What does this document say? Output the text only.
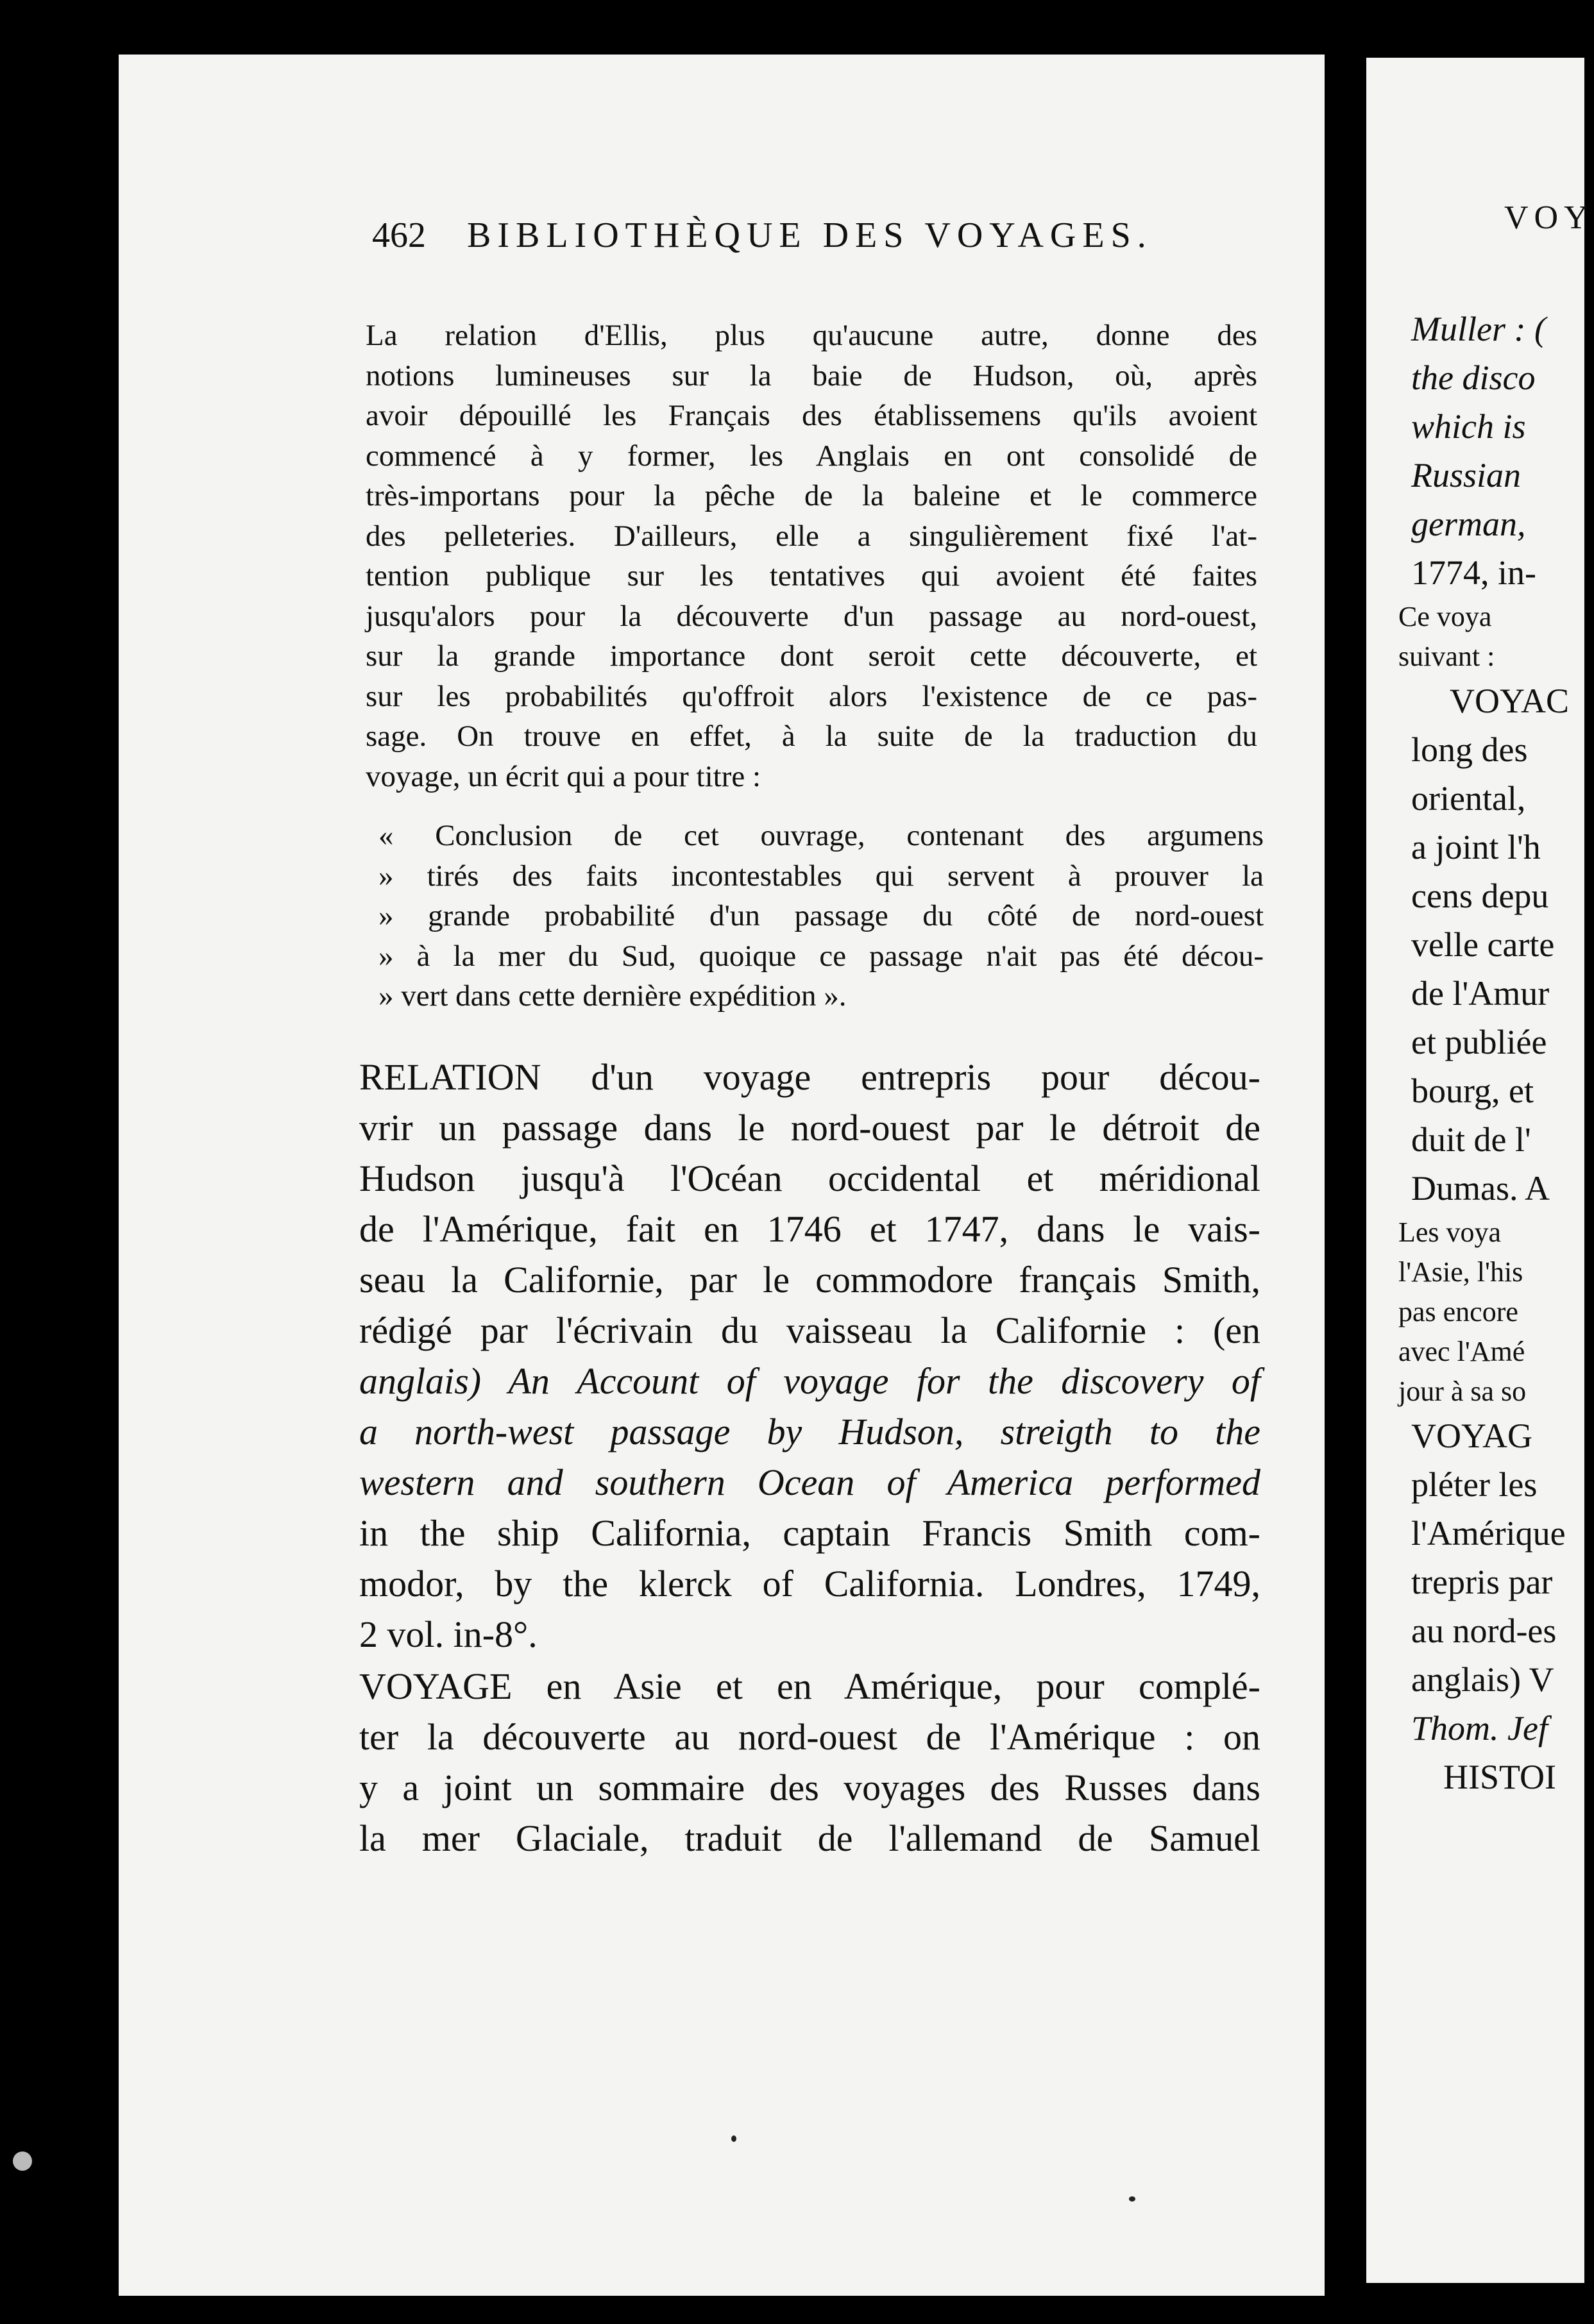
462 BIBLIOTHÈQUE DES VOYAGES.
La relation d'Ellis, plus qu'aucune autre, donne des
notions lumineuses sur la baie de Hudson, où, après
avoir dépouillé les Français des établissemens qu'ils avoient
commencé à y former, les Anglais en ont consolidé de
très-importans pour la pêche de la baleine et le commerce
des pelleteries. D'ailleurs, elle a singulièrement fixé l'at-
tention publique sur les tentatives qui avoient été faites
jusqu'alors pour la découverte d'un passage au nord-ouest,
sur la grande importance dont seroit cette découverte, et
sur les probabilités qu'offroit alors l'existence de ce pas-
sage. On trouve en effet, à la suite de la traduction du
voyage, un écrit qui a pour titre :
« Conclusion de cet ouvrage, contenant des argumens
» tirés des faits incontestables qui servent à prouver la
» grande probabilité d'un passage du côté de nord-ouest
» à la mer du Sud, quoique ce passage n'ait pas été décou-
» vert dans cette dernière expédition ».
RELATION d'un voyage entrepris pour décou-
vrir un passage dans le nord-ouest par le détroit de
Hudson jusqu'à l'Océan occidental et méridional
de l'Amérique, fait en 1746 et 1747, dans le vais-
seau la Californie, par le commodore français Smith,
rédigé par l'écrivain du vaisseau la Californie : (en
anglais) An Account of voyage for the discovery of
a north-west passage by Hudson, streigth to the
western and southern Ocean of America performed
in the ship California, captain Francis Smith com-
modor, by the klerck of California. Londres, 1749,
2 vol. in-8°.
VOYAGE en Asie et en Amérique, pour complé-
ter la découverte au nord-ouest de l'Amérique : on
y a joint un sommaire des voyages des Russes dans
la mer Glaciale, traduit de l'allemand de Samuel
VOY
Muller : (
the disco
which is
Russian
german,
1774, in-
Ce voya
suivant :
VOYAC
long des
oriental,
a joint l'h
cens depu
velle carte
de l'Amur
et publiée
bourg, et
duit de l'
Dumas. A
Les voya
l'Asie, l'his
pas encore
avec l'Amé
jour à sa so
VOYAG
pléter les
l'Amérique
trepris par
au nord-es
anglais) V
Thom. Jef
HISTOI
